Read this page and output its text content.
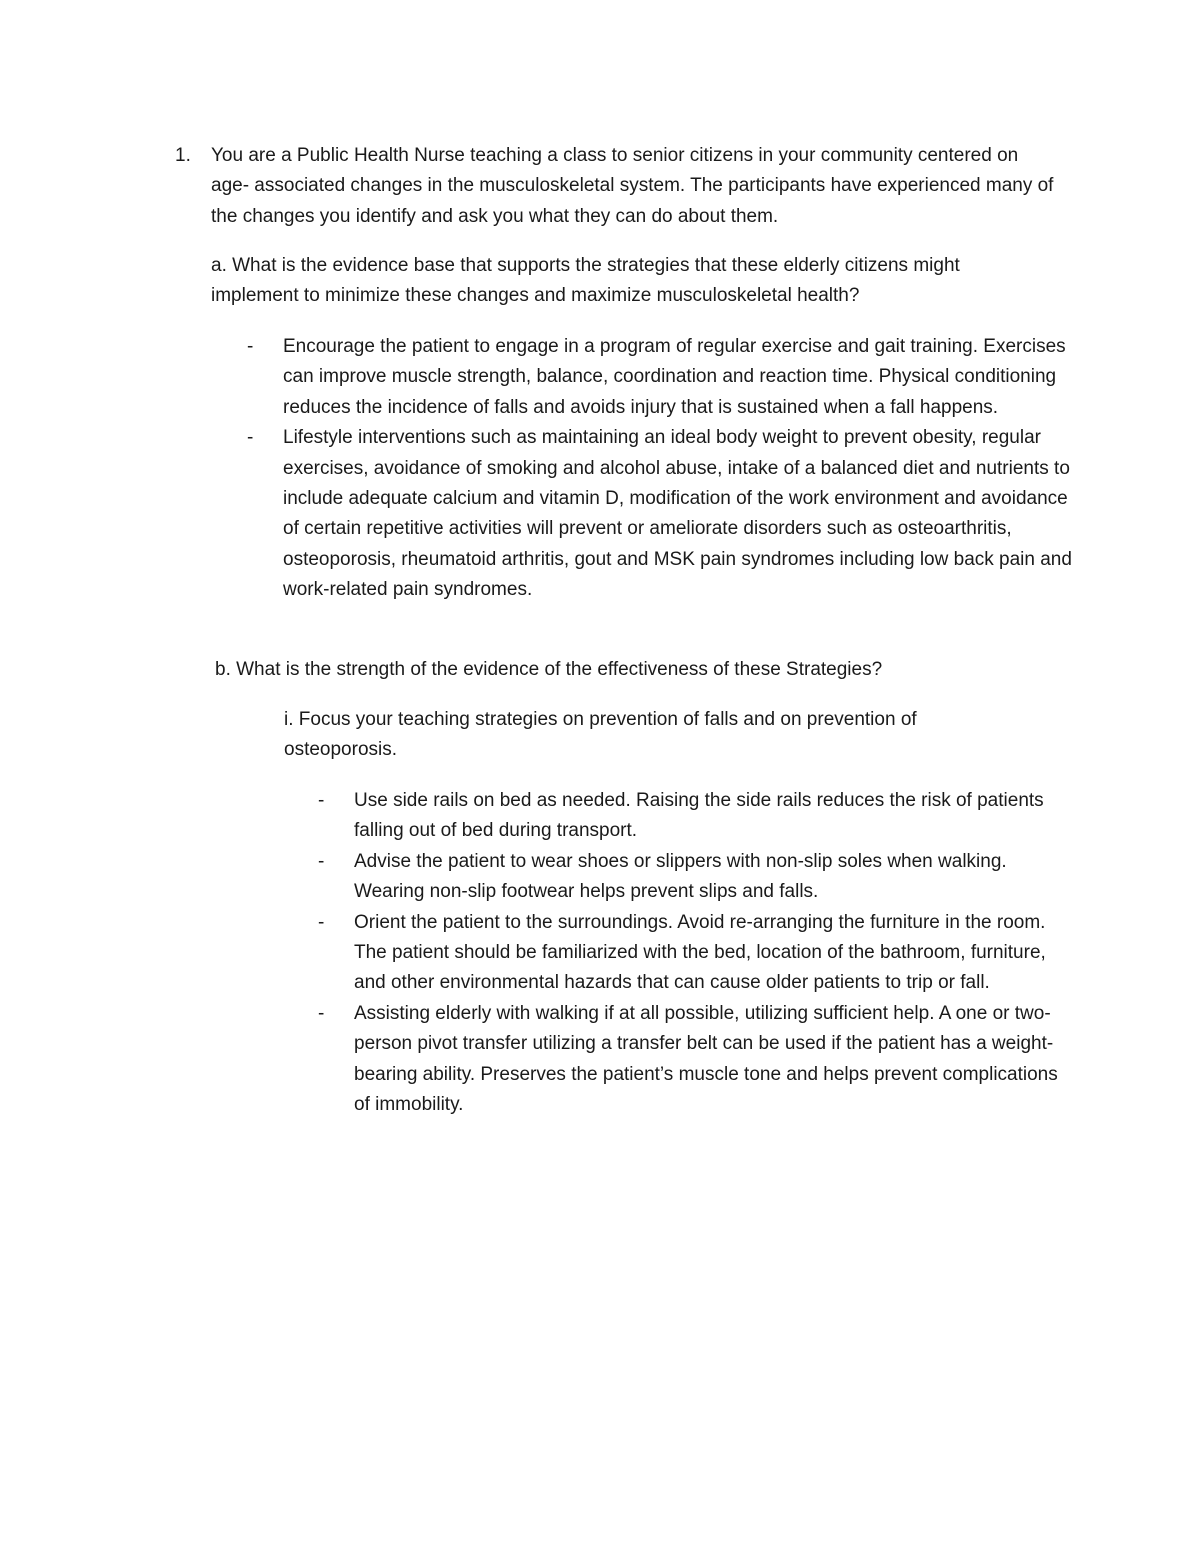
1. You are a Public Health Nurse teaching a class to senior citizens in your community centered on age- associated changes in the musculoskeletal system. The participants have experienced many of the changes you identify and ask you what they can do about them.
a. What is the evidence base that supports the strategies that these elderly citizens might implement to minimize these changes and maximize musculoskeletal health?
- Encourage the patient to engage in a program of regular exercise and gait training. Exercises can improve muscle strength, balance, coordination and reaction time. Physical conditioning reduces the incidence of falls and avoids injury that is sustained when a fall happens.
- Lifestyle interventions such as maintaining an ideal body weight to prevent obesity, regular exercises, avoidance of smoking and alcohol abuse, intake of a balanced diet and nutrients to include adequate calcium and vitamin D, modification of the work environment and avoidance of certain repetitive activities will prevent or ameliorate disorders such as osteoarthritis, osteoporosis, rheumatoid arthritis, gout and MSK pain syndromes including low back pain and work-related pain syndromes.
b. What is the strength of the evidence of the effectiveness of these Strategies?
i. Focus your teaching strategies on prevention of falls and on prevention of osteoporosis.
- Use side rails on bed as needed. Raising the side rails reduces the risk of patients falling out of bed during transport.
- Advise the patient to wear shoes or slippers with non-slip soles when walking. Wearing non-slip footwear helps prevent slips and falls.
- Orient the patient to the surroundings. Avoid re-arranging the furniture in the room. The patient should be familiarized with the bed, location of the bathroom, furniture, and other environmental hazards that can cause older patients to trip or fall.
- Assisting elderly with walking if at all possible, utilizing sufficient help. A one or two-person pivot transfer utilizing a transfer belt can be used if the patient has a weight-bearing ability. Preserves the patient’s muscle tone and helps prevent complications of immobility.
